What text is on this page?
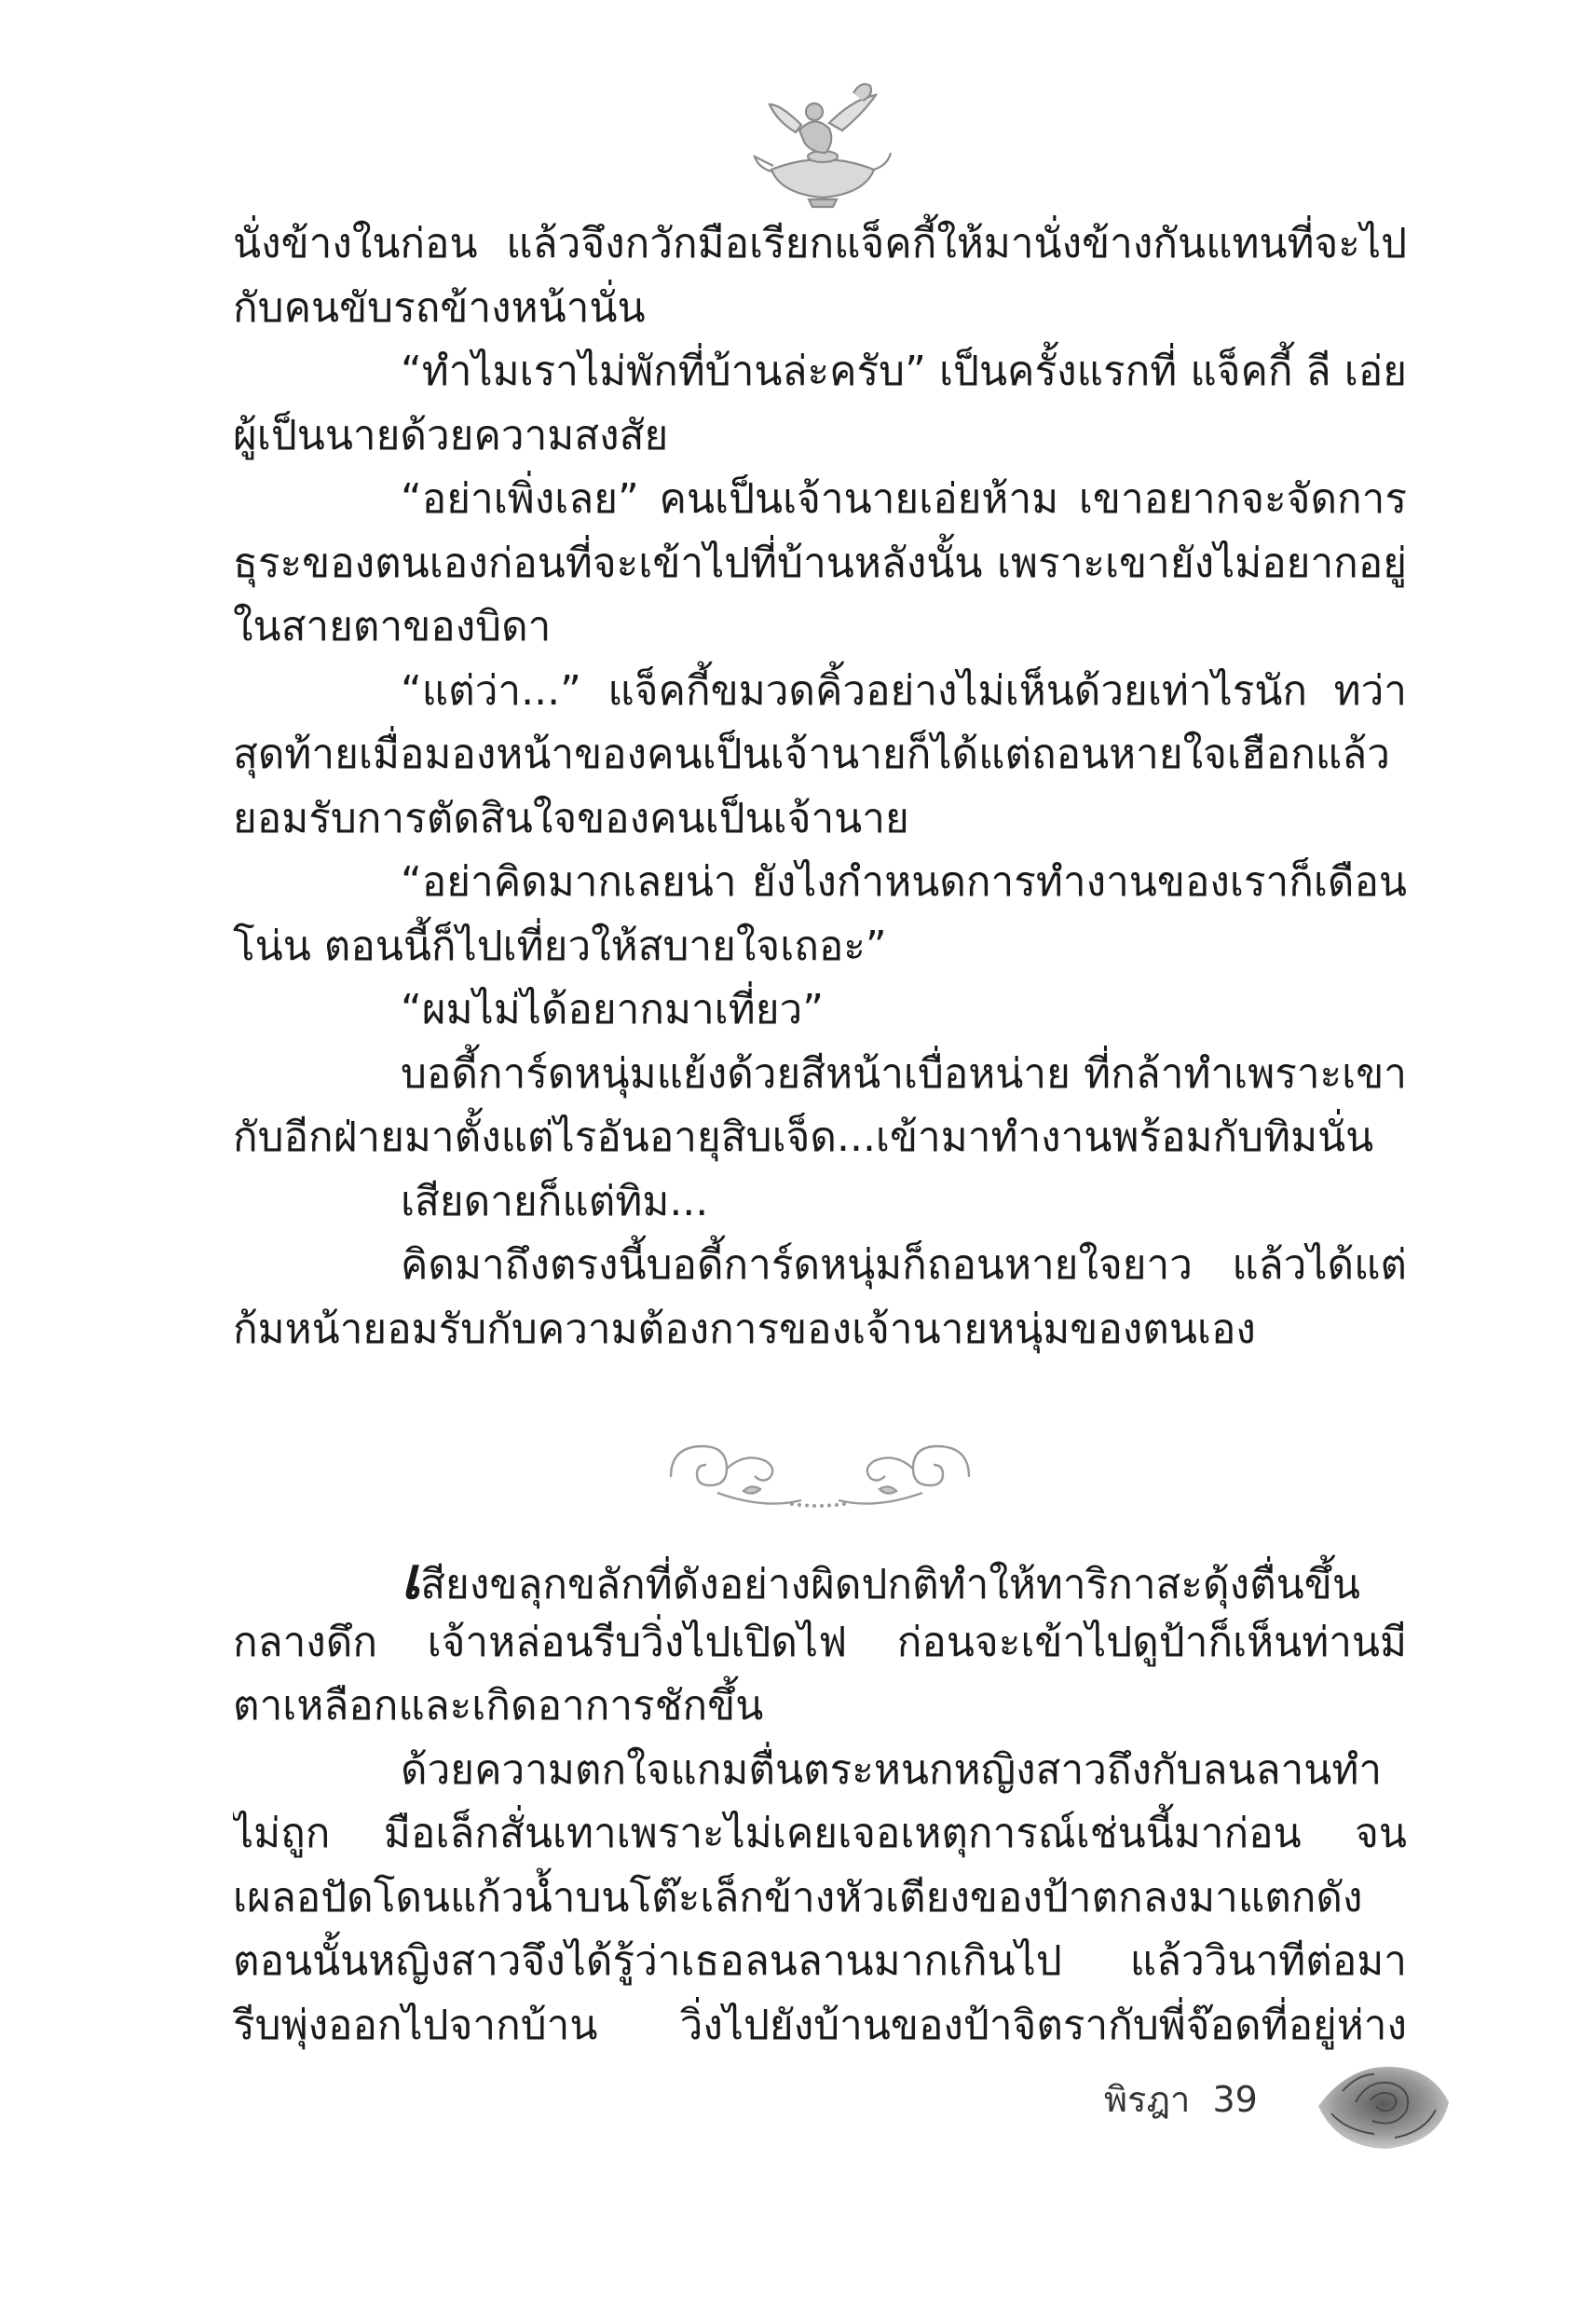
นั่งข้างในก่อน แล้วจึงกวักมือเรียกแจ็คกี้ให้มานั่งข้างกันแทนที่จะไป
กับคนขับรถข้างหน้านั่น
“ทำไมเราไม่พักที่บ้านล่ะครับ” เป็นครั้งแรกที่ แจ็คกี้ ลี เอ่ย
ผู้เป็นนายด้วยความสงสัย
“อย่าเพิ่งเลย” คนเป็นเจ้านายเอ่ยห้าม เขาอยากจะจัดการ
ธุระของตนเองก่อนที่จะเข้าไปที่บ้านหลังนั้น เพราะเขายังไม่อยากอยู่
ในสายตาของบิดา
“แต่ว่า...” แจ็คกี้ขมวดคิ้วอย่างไม่เห็นด้วยเท่าไรนัก ทว่า
สุดท้ายเมื่อมองหน้าของคนเป็นเจ้านายก็ได้แต่ถอนหายใจเฮือกแล้ว
ยอมรับการตัดสินใจของคนเป็นเจ้านาย
“อย่าคิดมากเลยน่า ยังไงกำหนดการทำงานของเราก็เดือน
โน่น ตอนนี้ก็ไปเที่ยวให้สบายใจเถอะ”
“ผมไม่ได้อยากมาเที่ยว”
บอดี้การ์ดหนุ่มแย้งด้วยสีหน้าเบื่อหน่าย ที่กล้าทำเพราะเขา
กับอีกฝ่ายมาตั้งแต่ไรอันอายุสิบเจ็ด...เข้ามาทำงานพร้อมกับทิมนั่น
เสียดายก็แต่ทิม...
คิดมาถึงตรงนี้บอดี้การ์ดหนุ่มก็ถอนหายใจยาว แล้วได้แต่
ก้มหน้ายอมรับกับความต้องการของเจ้านายหนุ่มของตนเอง
เสียงขลุกขลักที่ดังอย่างผิดปกติทำให้ทาริกาสะดุ้งตื่นขึ้น
กลางดึก เจ้าหล่อนรีบวิ่งไปเปิดไฟ ก่อนจะเข้าไปดูป้าก็เห็นท่านมี
ตาเหลือกและเกิดอาการชักขึ้น
ด้วยความตกใจแกมตื่นตระหนกหญิงสาวถึงกับลนลานทำ
ไม่ถูก มือเล็กสั่นเทาเพราะไม่เคยเจอเหตุการณ์เช่นนี้มาก่อน จน
เผลอปัดโดนแก้วน้ำบนโต๊ะเล็กข้างหัวเตียงของป้าตกลงมาแตกดัง
ตอนนั้นหญิงสาวจึงได้รู้ว่าเธอลนลานมากเกินไป แล้ววินาทีต่อมา
รีบพุ่งออกไปจากบ้าน วิ่งไปยังบ้านของป้าจิตรากับพี่จ๊อดที่อยู่ห่าง
พิรฎา 39
